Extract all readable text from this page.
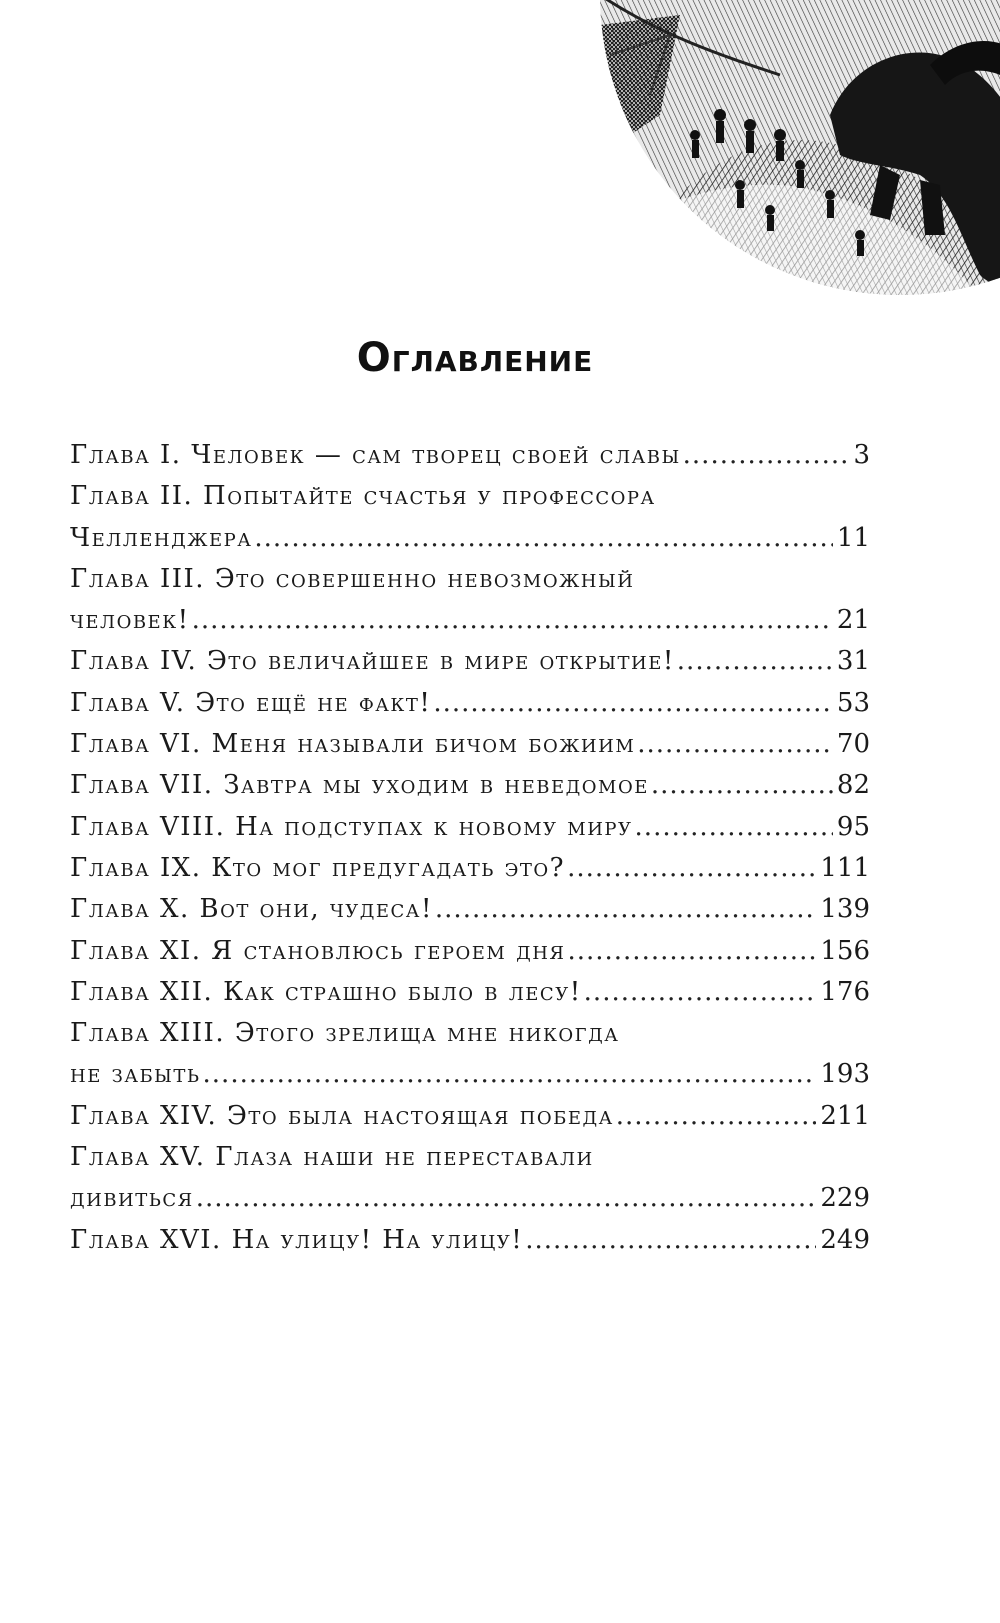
Оглавление
Глава I. Человек — сам творец своей славы .....	3
Глава II. Попытайте счастья у профессора
Челленджера .....	11
Глава III. Это совершенно невозможный
человек! .....	21
Глава IV. Это величайшее в мире открытие! .....	31
Глава V. Это ещё не факт! .....	53
Глава VI. Меня называли бичом божиим .....	70
Глава VII. Завтра мы уходим в неведомое .....	82
Глава VIII. На подступах к новому миру .....	95
Глава IX. Кто мог предугадать это? .....	111
Глава X. Вот они, чудеса! .....	139
Глава XI. Я становлюсь героем дня .....	156
Глава XII. Как страшно было в лесу! .....	176
Глава XIII. Этого зрелища мне никогда
не забыть .....	193
Глава XIV. Это была настоящая победа .....	211
Глава XV. Глаза наши не переставали
дивиться .....	229
Глава XVI. На улицу! На улицу! .....	249
